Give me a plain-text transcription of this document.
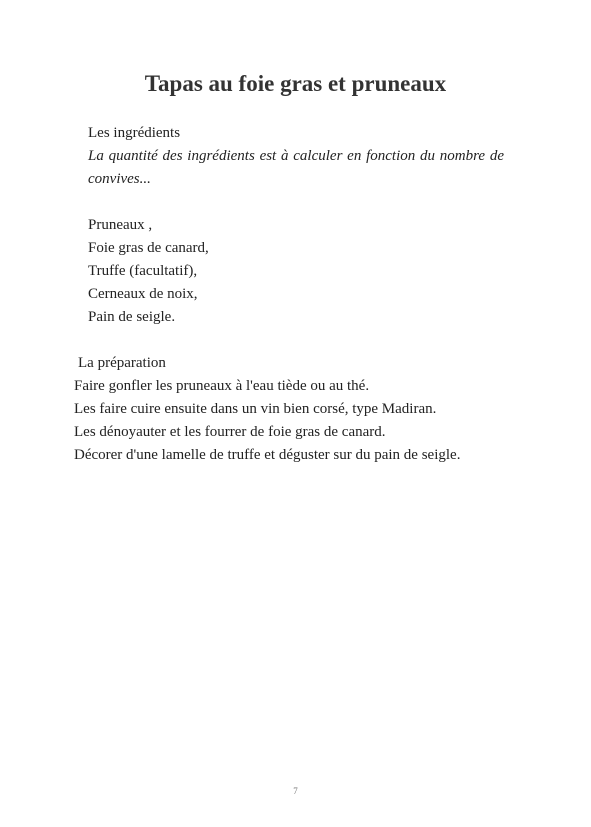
Tapas au foie gras et pruneaux

Les ingrédients

La quantité des ingrédients est à calculer en fonction du nombre de convives...

Pruneaux ,
Foie gras de canard,
Truffe (facultatif),
Cerneaux de noix,
Pain de seigle.

La préparation

Faire gonfler les pruneaux à l'eau tiède ou au thé.
Les faire cuire ensuite dans un vin bien corsé, type Madiran.
Les dénoyauter et les fourrer de foie gras de canard.
Décorer d'une lamelle de truffe et déguster sur du pain de seigle.
7
